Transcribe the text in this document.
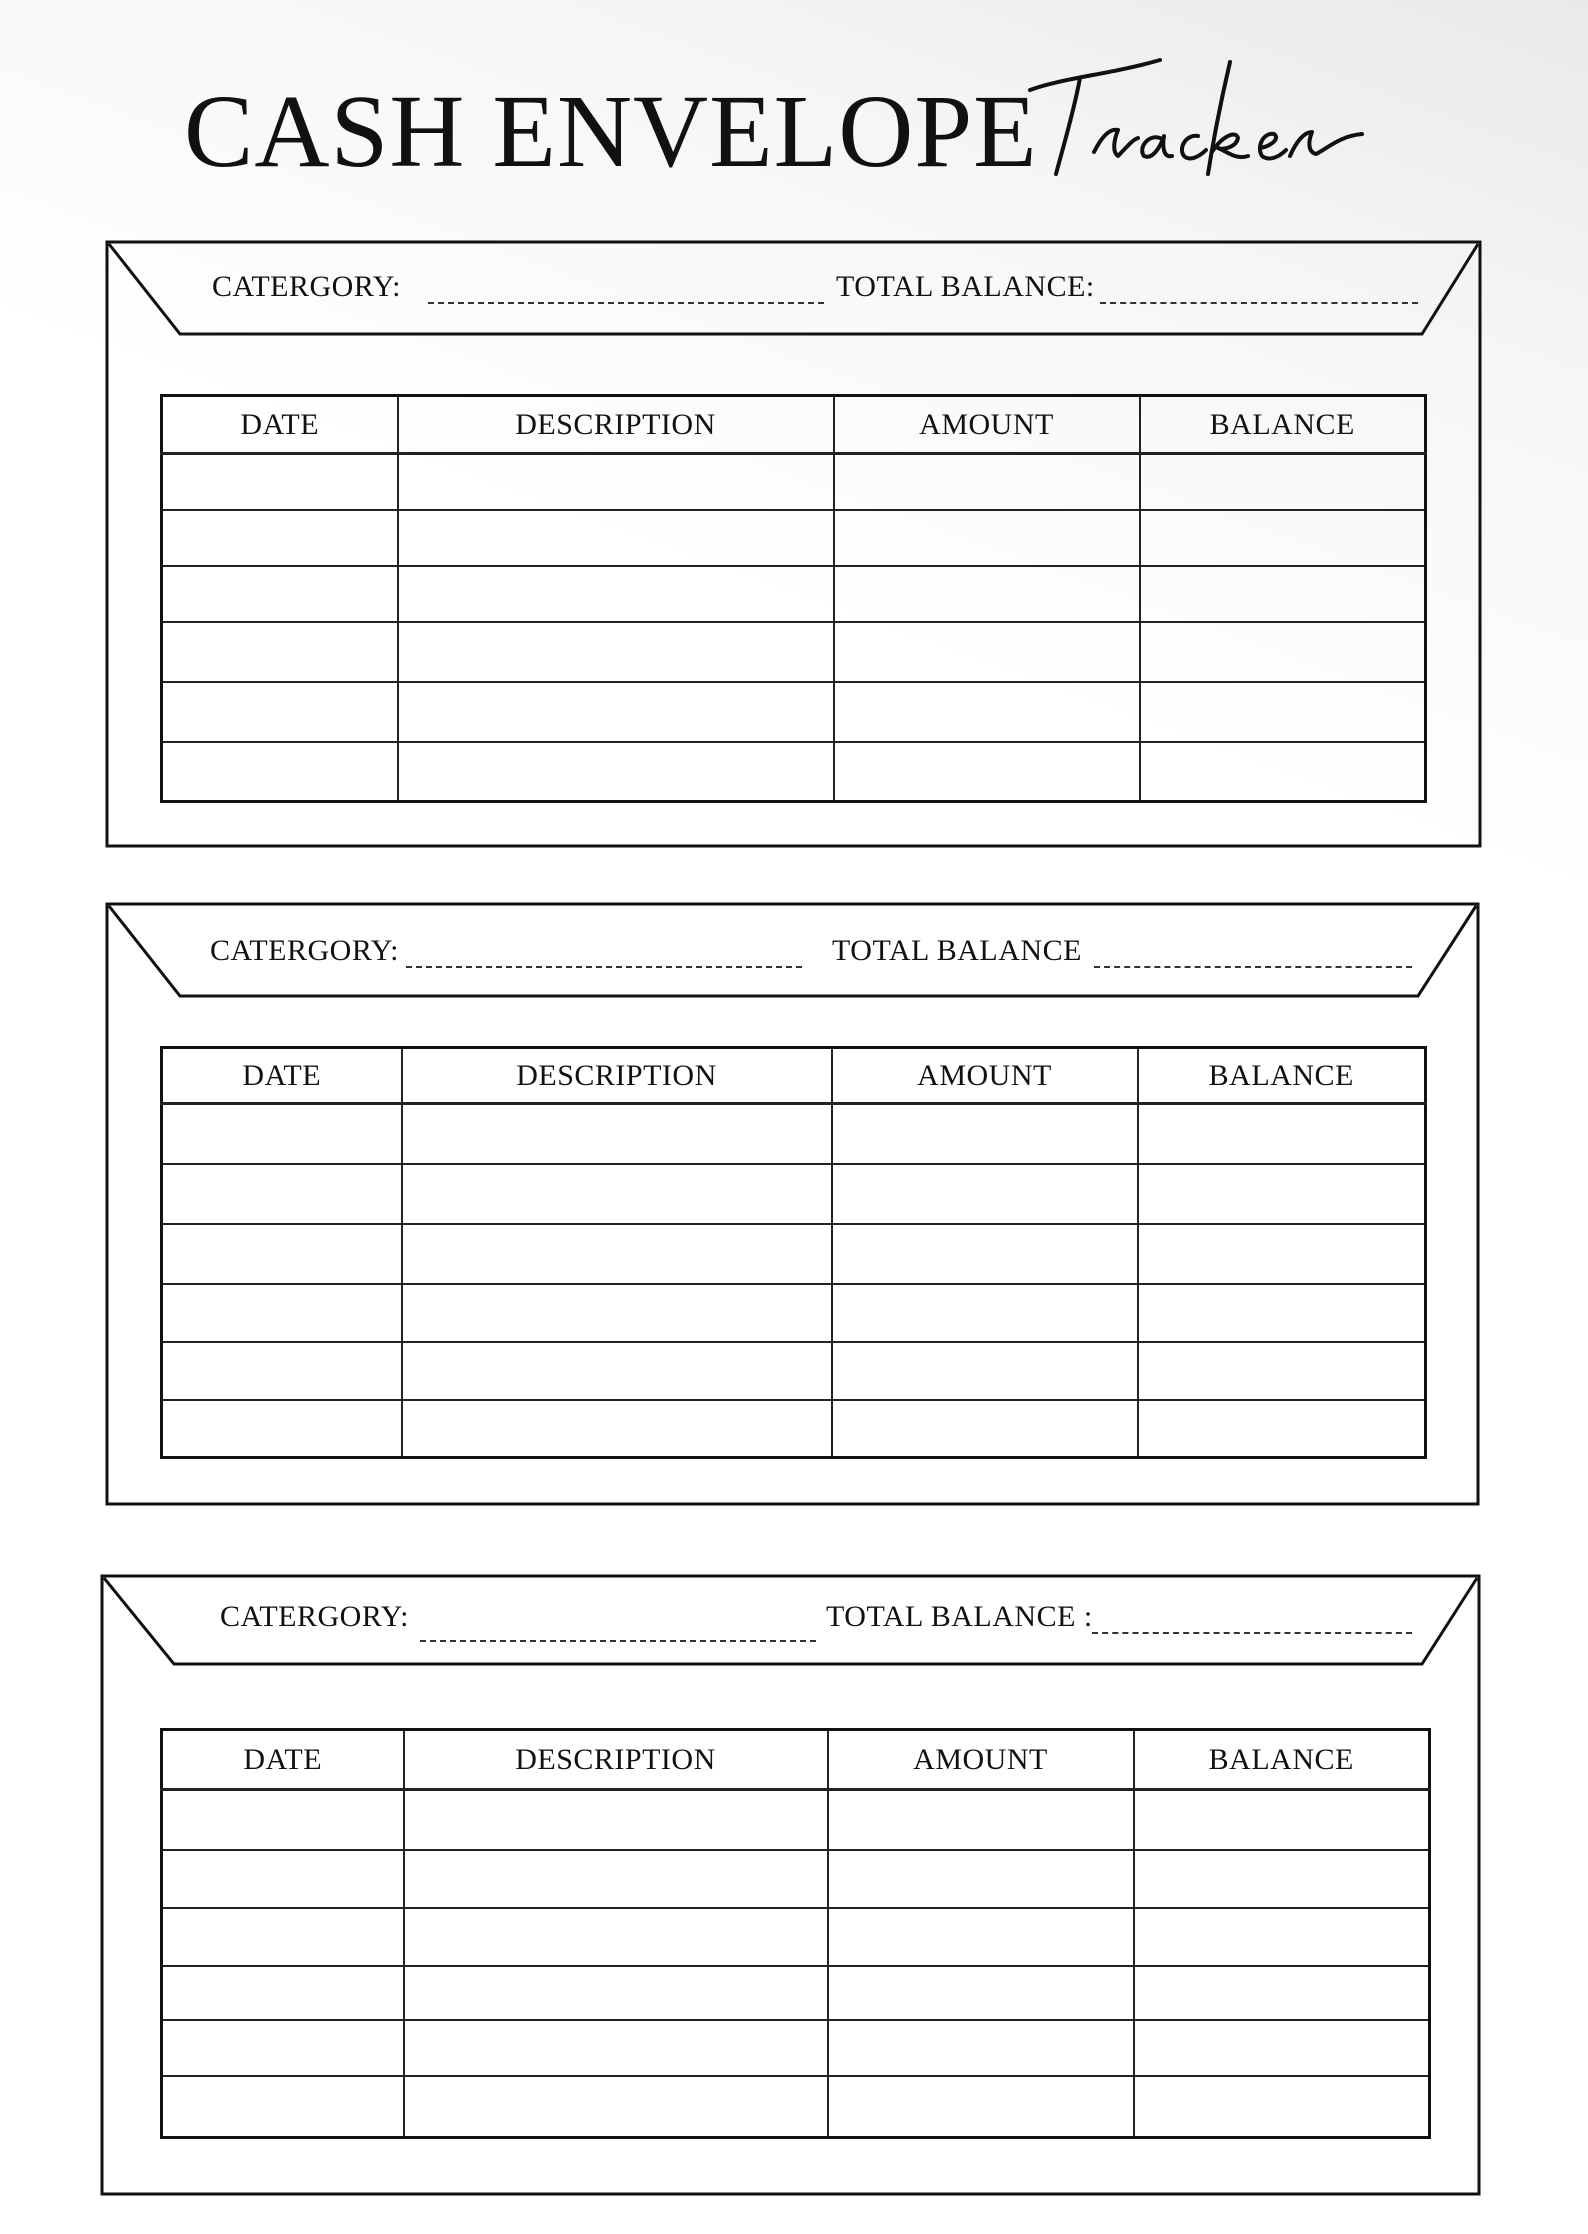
CASH ENVELOPE
CATERGORY:	TOTAL BALANCE:
DATE	DESCRIPTION	AMOUNT	BALANCE

CATERGORY:	TOTAL BALANCE
DATE	DESCRIPTION	AMOUNT	BALANCE

CATERGORY:	TOTAL BALANCE :
DATE	DESCRIPTION	AMOUNT	BALANCE
